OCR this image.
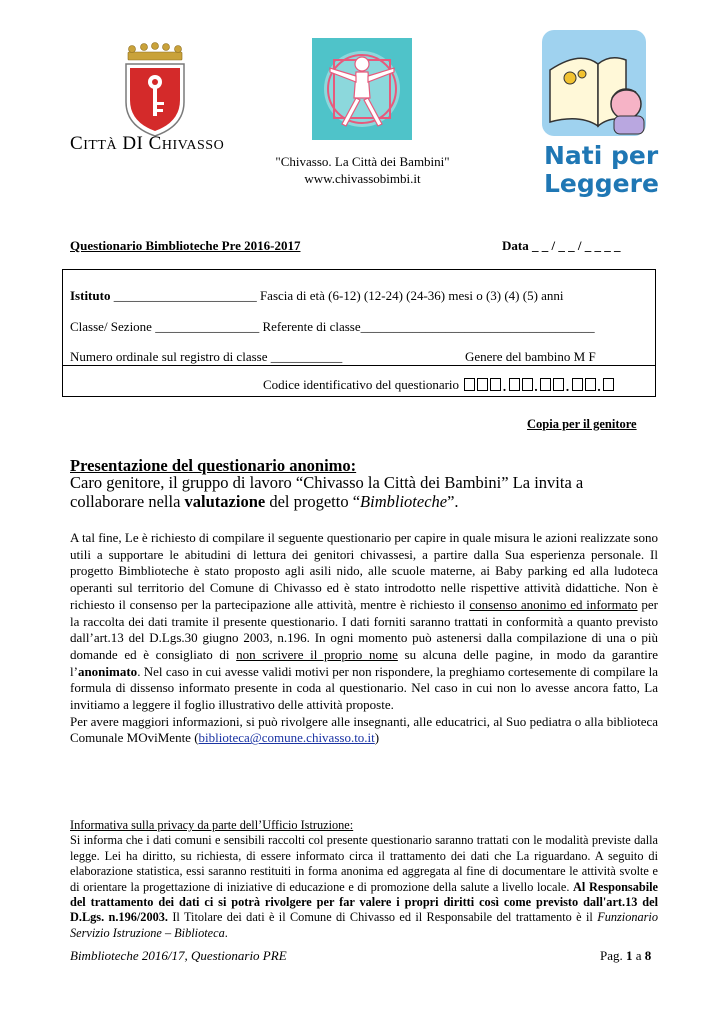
CITTÀ DI CHIVASSO
"Chivasso. La Città dei Bambini"
www.chivassobimbi.it
Nati per
Leggere
Questionario Bimblioteche Pre 2016-2017	Data _ _ / _ _ / _ _ _ _
Istituto ______________________ Fascia di età (6-12) (12-24) (24-36) mesi o (3) (4) (5) anni
Classe/ Sezione ________________ Referente di classe____________________________________
Numero ordinale sul registro di classe ___________	Genere del bambino M F
Codice identificativo del questionario . . . .
Copia per il genitore
Presentazione del questionario anonimo:
Caro genitore, il gruppo di lavoro “Chivasso la Città dei Bambini” La invita a collaborare nella valutazione del progetto “Bimblioteche”.

A tal fine, Le è richiesto di compilare il seguente questionario per capire in quale misura le azioni realizzate sono utili a supportare le abitudini di lettura dei genitori chivassesi, a partire dalla Sua esperienza personale. Il progetto Bimblioteche è stato proposto agli asili nido, alle scuole materne, ai Baby parking ed alla ludoteca operanti sul territorio del Comune di Chivasso ed è stato introdotto nelle rispettive attività didattiche. Non è richiesto il consenso per la partecipazione alle attività, mentre è richiesto il consenso anonimo ed informato per la raccolta dei dati tramite il presente questionario. I dati forniti saranno trattati in conformità a quanto previsto dall’art.13 del D.Lgs.30 giugno 2003, n.196. In ogni momento può astenersi dalla compilazione di una o più domande ed è consigliato di non scrivere il proprio nome su alcuna delle pagine, in modo da garantire l’anonimato. Nel caso in cui avesse validi motivi per non rispondere, la preghiamo cortesemente di compilare la formula di dissenso informato presente in coda al questionario. Nel caso in cui non lo avesse ancora fatto, La invitiamo a leggere il foglio illustrativo delle attività proposte.

Per avere maggiori informazioni, si può rivolgere alle insegnanti, alle educatrici, al Suo pediatra o alla biblioteca Comunale MOviMente (biblioteca@comune.chivasso.to.it)

Informativa sulla privacy da parte dell’Ufficio Istruzione:

Si informa che i dati comuni e sensibili raccolti col presente questionario saranno trattati con le modalità previste dalla legge. Lei ha diritto, su richiesta, di essere informato circa il trattamento dei dati che La riguardano. A seguito di elaborazione statistica, essi saranno restituiti in forma anonima ed aggregata al fine di documentare le attività svolte e di orientare la progettazione di iniziative di educazione e di promozione della salute a livello locale. Al Responsabile del trattamento dei dati ci si potrà rivolgere per far valere i propri diritti così come previsto dall'art.13 del D.Lgs. n.196/2003. Il Titolare dei dati è il Comune di Chivasso ed il Responsabile del trattamento è il Funzionario Servizio Istruzione – Biblioteca.

Bimblioteche 2016/17, Questionario PRE	Pag. 1 a 8
